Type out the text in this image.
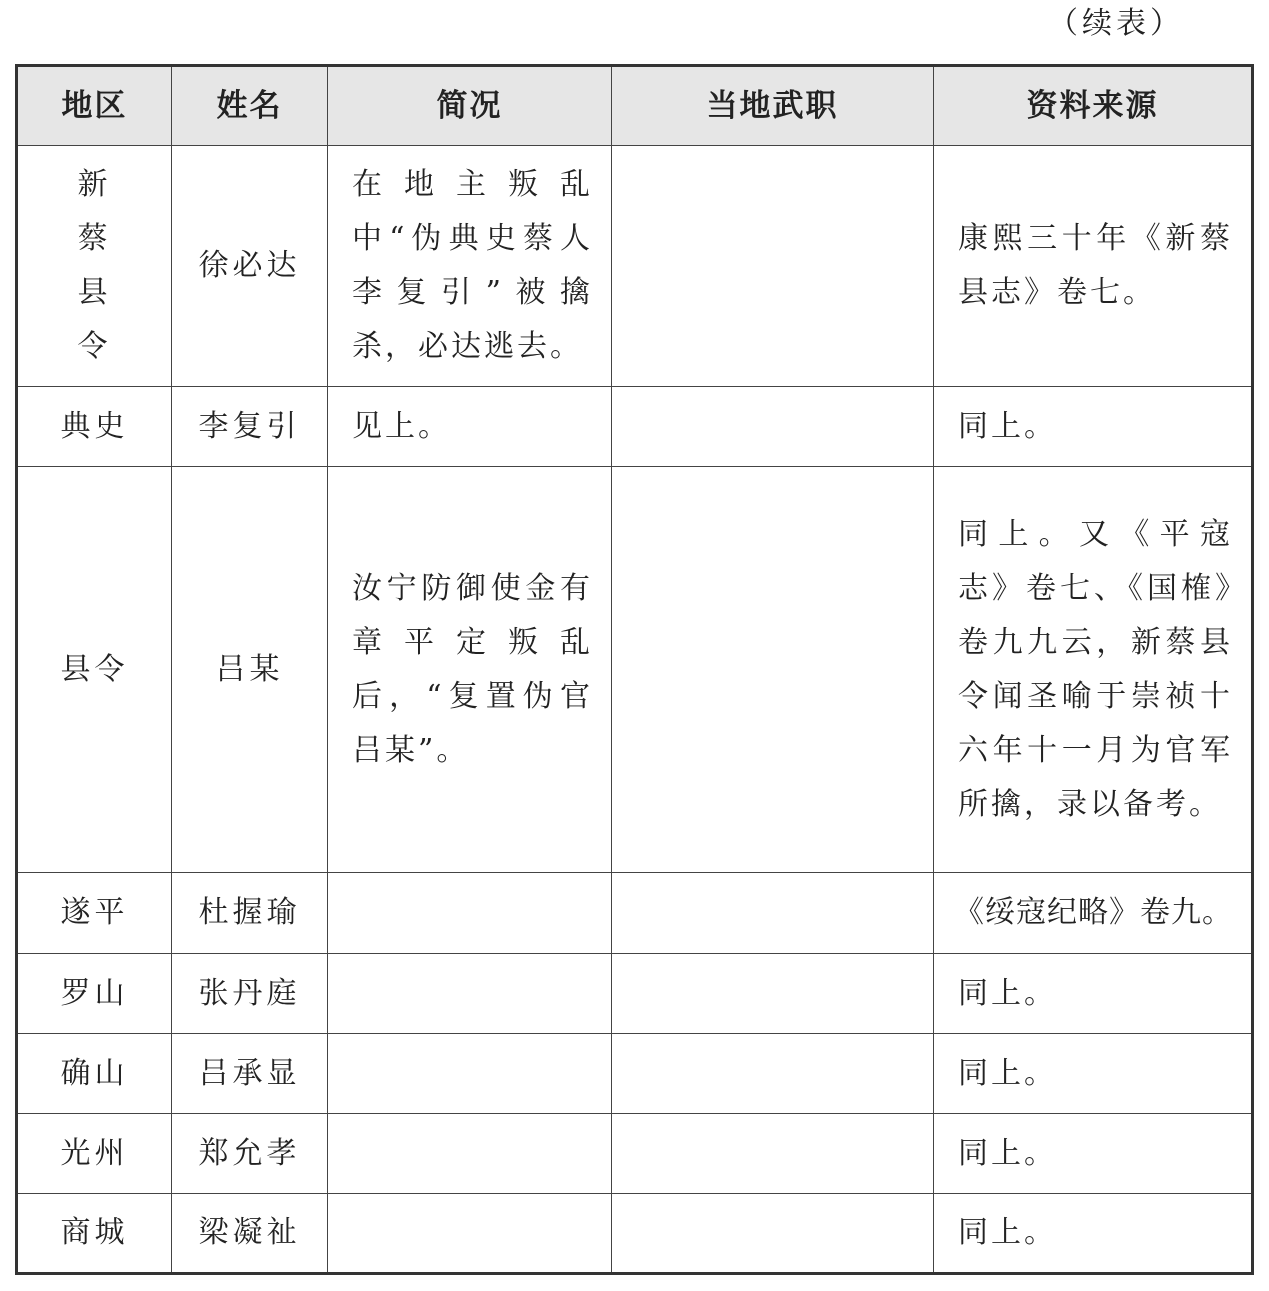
（续表）
地区	姓名	简况	当地武职	资料来源

新蔡县令	徐必达	在地主叛乱中“伪典史蔡人李复引”被擒杀，必达逃去。		康熙三十年《新蔡县志》卷七。

典史	李复引	见上。		同上。

县令	吕某	汝宁防御使金有章平定叛乱后，“复置伪官吕某”。		同上。又《平寇志》卷七、《国榷》卷九九云，新蔡县令闻圣喻于崇祯十六年十一月为官军所擒，录以备考。

遂平	杜握瑜			《绥寇纪略》卷九。

罗山	张丹庭			同上。

确山	吕承显			同上。

光州	郑允孝			同上。

商城	梁凝祉			同上。
